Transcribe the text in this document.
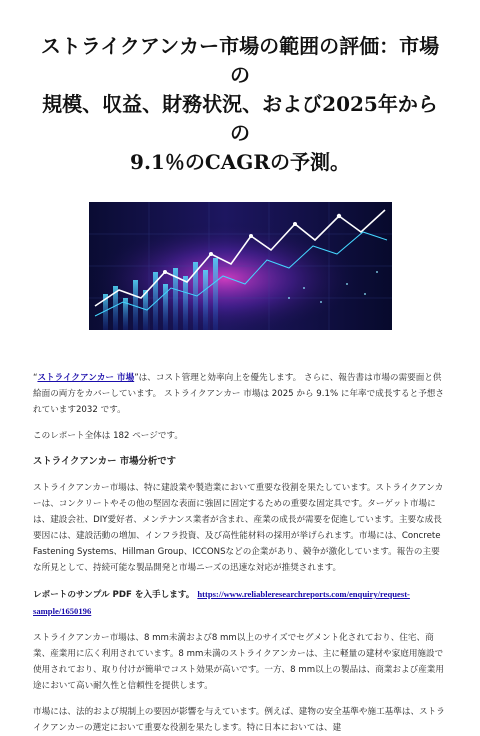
ストライクアンカー市場の範囲の評価：市場の
規模、収益、財務状況、および2025年からの
9.1％のCAGRの予測。

“ストライクアンカー 市場”は、コスト管理と効率向上を優先します。 さらに、報告書は市場の需要面と供給面の両方をカバーしています。 ストライクアンカー 市場は 2025 から 9.1% に年率で成長すると予想されています2032 です。

このレポート全体は 182 ページです。

ストライクアンカー 市場分析です

ストライクアンカー市場は、特に建設業や製造業において重要な役割を果たしています。ストライクアンカーは、コンクリートやその他の堅固な表面に強固に固定するための重要な固定具です。ターゲット市場には、建設会社、DIY愛好者、メンテナンス業者が含まれ、産業の成長が需要を促進しています。主要な成長要因には、建設活動の増加、インフラ投資、及び高性能材料の採用が挙げられます。市場には、Concrete Fastening Systems、Hillman Group、ICCONSなどの企業があり、競争が激化しています。報告の主要な所見として、持続可能な製品開発と市場ニーズの迅速な対応が推奨されます。

レポートのサンプル PDF を入手します。 https://www.reliableresearchreports.com/enquiry/request-sample/1650196

ストライクアンカー市場は、8 mm未満および8 mm以上のサイズでセグメント化されており、住宅、商業、産業用に広く利用されています。8 mm未満のストライクアンカーは、主に軽量の建材や家庭用施設で使用されており、取り付けが簡単でコスト効果が高いです。一方、8 mm以上の製品は、商業および産業用途において高い耐久性と信頼性を提供します。

市場には、法的および規制上の要因が影響を与えています。例えば、建物の安全基準や施工基準は、ストライクアンカーの選定において重要な役割を果たします。特に日本においては、建
